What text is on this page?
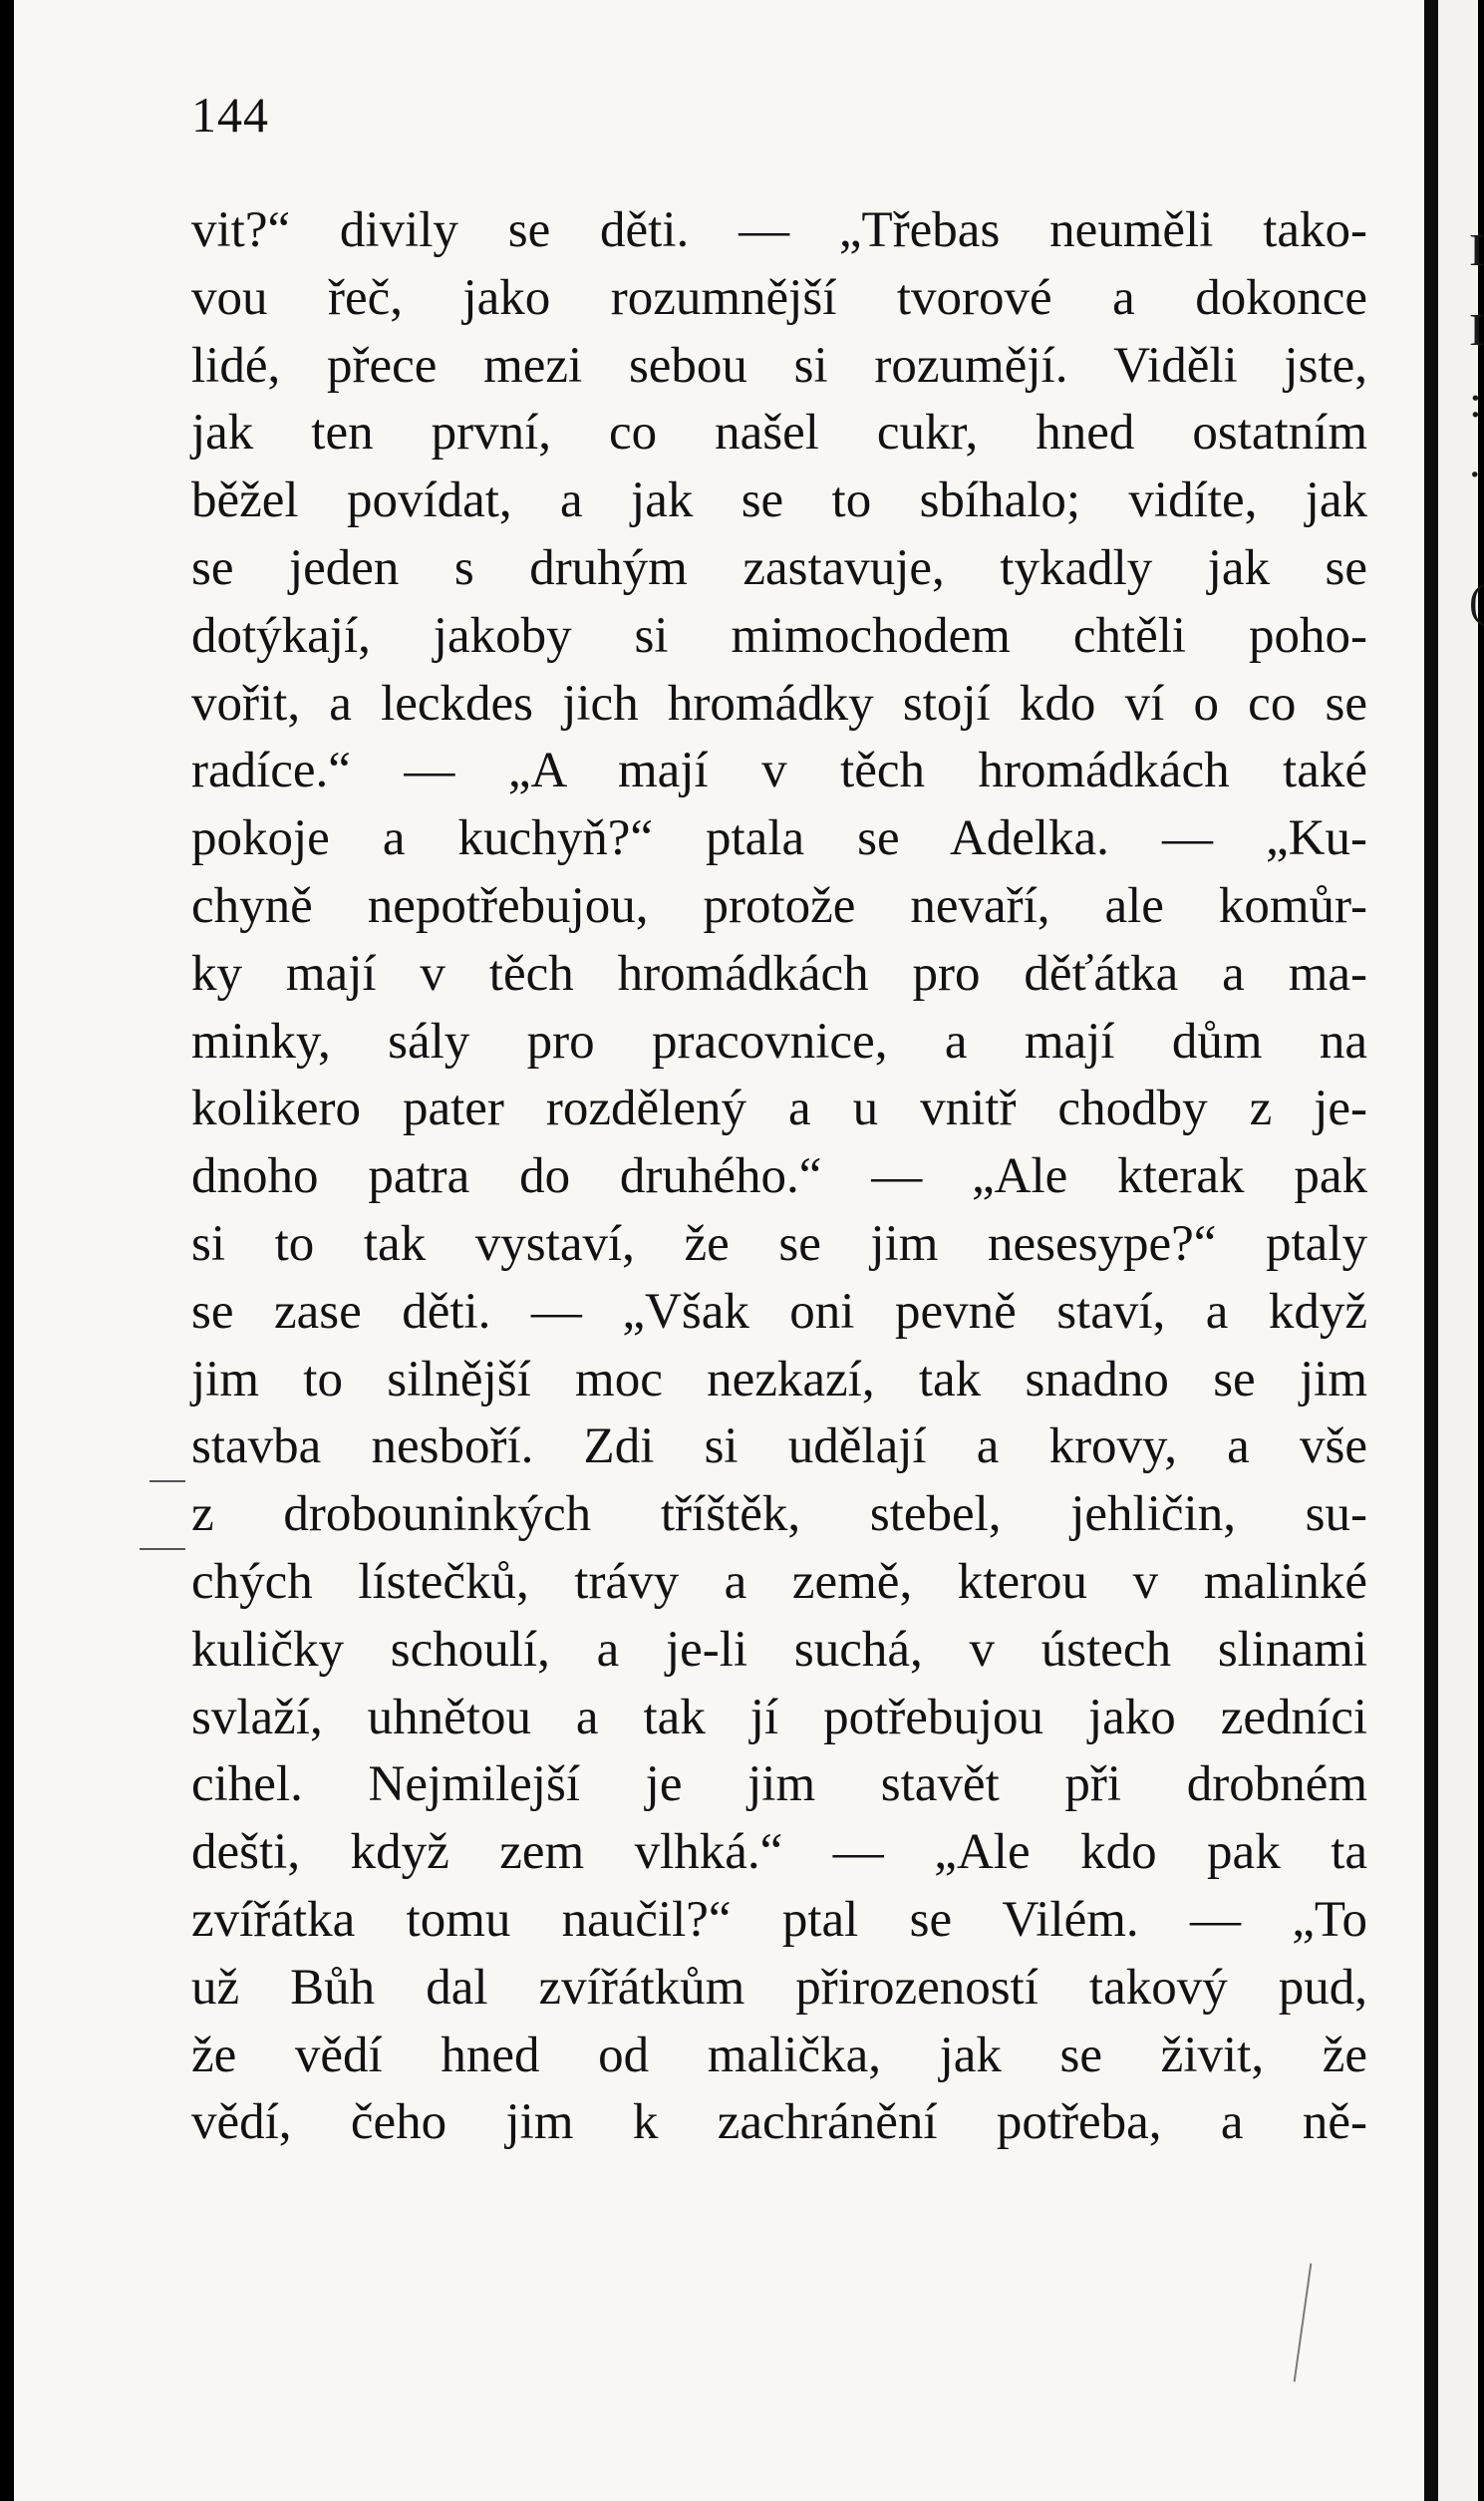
I
I
:
.
(
144
vit?“ divily se děti. — „Třebas neuměli tako-
vou řeč, jako rozumnější tvorové a dokonce
lidé, přece mezi sebou si rozumějí. Viděli jste,
jak ten první, co našel cukr, hned ostatním
běžel povídat, a jak se to sbíhalo; vidíte, jak
se jeden s druhým zastavuje, tykadly jak se
dotýkají, jakoby si mimochodem chtěli poho-
vořit, a leckdes jich hromádky stojí kdo ví o co se
radíce.“ — „A mají v těch hromádkách také
pokoje a kuchyň?“ ptala se Adelka. — „Ku-
chyně nepotřebujou, protože nevaří, ale komůr-
ky mají v těch hromádkách pro děťátka a ma-
minky, sály pro pracovnice, a mají dům na
kolikero pater rozdělený a u vnitř chodby z je-
dnoho patra do druhého.“ — „Ale kterak pak
si to tak vystaví, že se jim nesesype?“ ptaly
se zase děti. — „Však oni pevně staví, a když
jim to silnější moc nezkazí, tak snadno se jim
stavba nesboří. Zdi si udělají a krovy, a vše
z drobouninkých tříštěk, stebel, jehličin, su-
chých lístečků, trávy a země, kterou v malinké
kuličky schoulí, a je-li suchá, v ústech slinami
svlaží, uhnětou a tak jí potřebujou jako zedníci
cihel. Nejmilejší je jim stavět při drobném
dešti, když zem vlhká.“ — „Ale kdo pak ta
zvířátka tomu naučil?“ ptal se Vilém. — „To
už Bůh dal zvířátkům přirozeností takový pud,
že vědí hned od malička, jak se živit, že
vědí, čeho jim k zachránění potřeba, a ně-
